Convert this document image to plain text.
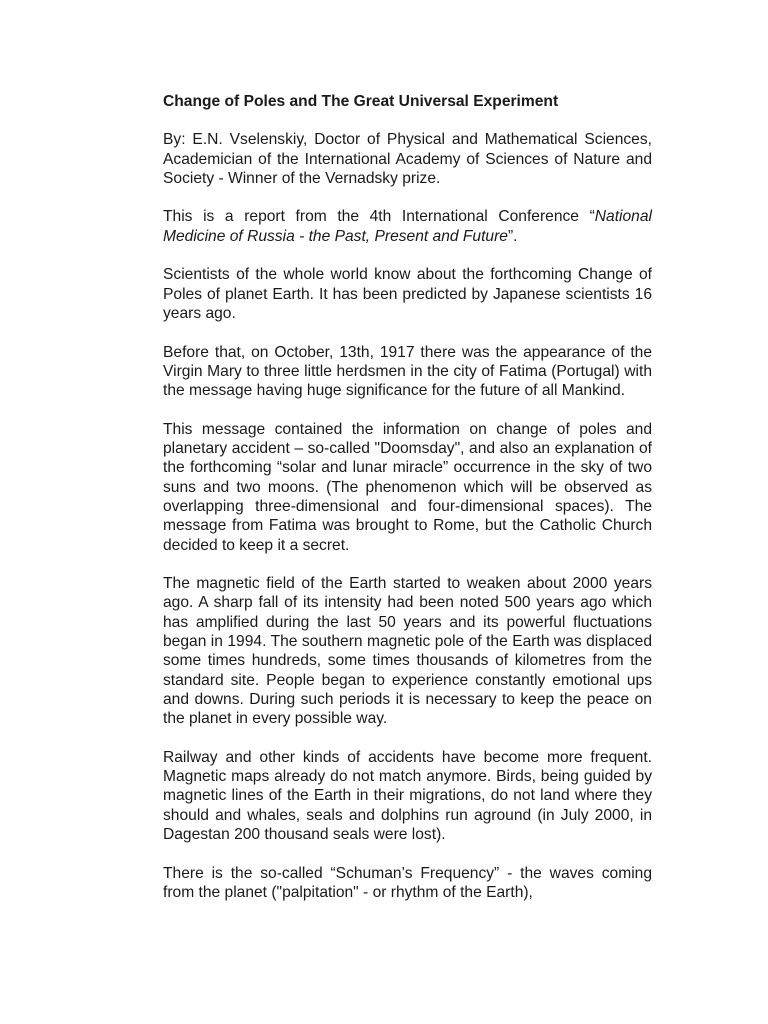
Change of Poles and The Great Universal Experiment

By: E.N. Vselenskiy, Doctor of Physical and Mathematical Sciences, Academician of the International Academy of Sciences of Nature and Society - Winner of the Vernadsky prize.

This is a report from the 4th International Conference “National Medicine of Russia - the Past, Present and Future”.

Scientists of the whole world know about the forthcoming Change of Poles of planet Earth. It has been predicted by Japanese scientists 16 years ago.

Before that, on October, 13th, 1917 there was the appearance of the Virgin Mary to three little herdsmen in the city of Fatima (Portugal) with the message having huge significance for the future of all Mankind.

This message contained the information on change of poles and planetary accident – so-called "Doomsday", and also an explanation of the forthcoming “solar and lunar miracle” occurrence in the sky of two suns and two moons. (The phenomenon which will be observed as overlapping three-dimensional and four-dimensional spaces). The message from Fatima was brought to Rome, but the Catholic Church decided to keep it a secret.

The magnetic field of the Earth started to weaken about 2000 years ago. A sharp fall of its intensity had been noted 500 years ago which has amplified during the last 50 years and its powerful fluctuations began in 1994. The southern magnetic pole of the Earth was displaced some times hundreds, some times thousands of kilometres from the standard site. People began to experience constantly emotional ups and downs. During such periods it is necessary to keep the peace on the planet in every possible way.

Railway and other kinds of accidents have become more frequent. Magnetic maps already do not match anymore. Birds, being guided by magnetic lines of the Earth in their migrations, do not land where they should and whales, seals and dolphins run aground (in July 2000, in Dagestan 200 thousand seals were lost).

There is the so-called “Schuman’s Frequency” - the waves coming from the planet ("palpitation" - or rhythm of the Earth),
